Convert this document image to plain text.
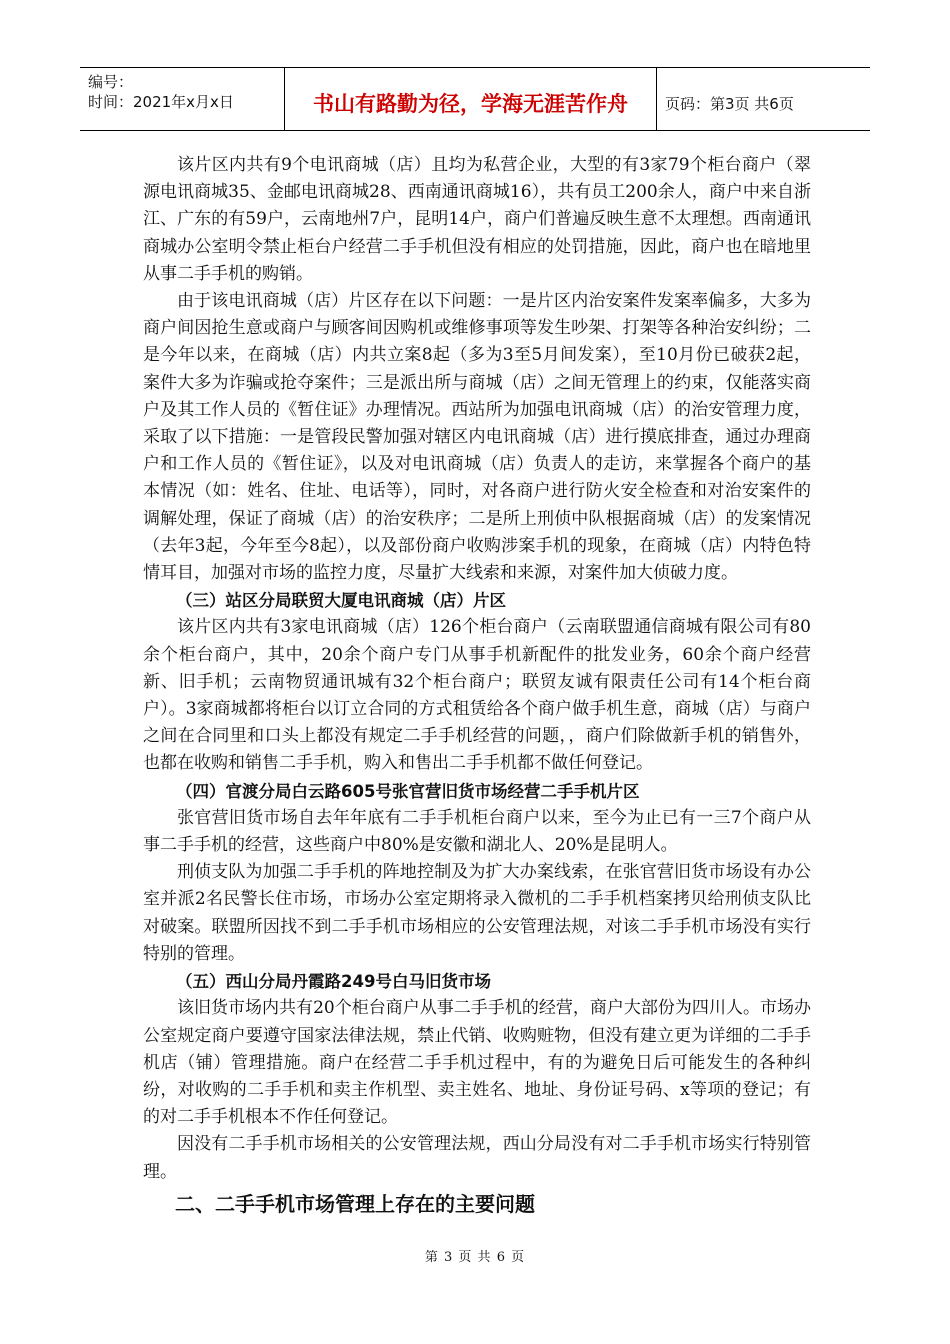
编号：
时间：2021年x月x日	书山有路勤为径，学海无涯苦作舟	页码：第3页 共6页

该片区内共有9个电讯商城（店）且均为私营企业，大型的有3家79个柜台商户（翠源电讯商城35、金邮电讯商城28、西南通讯商城16），共有员工200余人，商户中来自浙江、广东的有59户，云南地州7户，昆明14户，商户们普遍反映生意不太理想。西南通讯商城办公室明令禁止柜台户经营二手手机但没有相应的处罚措施，因此，商户也在暗地里从事二手手机的购销。

由于该电讯商城（店）片区存在以下问题：一是片区内治安案件发案率偏多，大多为商户间因抢生意或商户与顾客间因购机或维修事项等发生吵架、打架等各种治安纠纷；二是今年以来，在商城（店）内共立案8起（多为3至5月间发案），至10月份已破获2起，案件大多为诈骗或抢夺案件；三是派出所与商城（店）之间无管理上的约束，仅能落实商户及其工作人员的《暂住证》办理情况。西站所为加强电讯商城（店）的治安管理力度，采取了以下措施：一是管段民警加强对辖区内电讯商城（店）进行摸底排查，通过办理商户和工作人员的《暂住证》，以及对电讯商城（店）负责人的走访，来掌握各个商户的基本情况（如：姓名、住址、电话等），同时，对各商户进行防火安全检查和对治安案件的调解处理，保证了商城（店）的治安秩序；二是所上刑侦中队根据商城（店）的发案情况（去年3起，今年至今8起），以及部份商户收购涉案手机的现象，在商城（店）内特色特情耳目，加强对市场的监控力度，尽量扩大线索和来源，对案件加大侦破力度。

（三）站区分局联贸大厦电讯商城（店）片区

该片区内共有3家电讯商城（店）126个柜台商户（云南联盟通信商城有限公司有80余个柜台商户，其中，20余个商户专门从事手机新配件的批发业务，60余个商户经营新、旧手机；云南物贸通讯城有32个柜台商户；联贸友诚有限责任公司有14个柜台商户）。3家商城都将柜台以订立合同的方式租赁给各个商户做手机生意，商城（店）与商户之间在合同里和口头上都没有规定二手手机经营的问题，，商户们除做新手机的销售外，也都在收购和销售二手手机，购入和售出二手手机都不做任何登记。

（四）官渡分局白云路605号张官营旧货市场经营二手手机片区

张官营旧货市场自去年年底有二手手机柜台商户以来，至今为止已有一三7个商户从事二手手机的经营，这些商户中80%是安徽和湖北人、20%是昆明人。

刑侦支队为加强二手手机的阵地控制及为扩大办案线索，在张官营旧货市场设有办公室并派2名民警长住市场，市场办公室定期将录入微机的二手手机档案拷贝给刑侦支队比对破案。联盟所因找不到二手手机市场相应的公安管理法规，对该二手手机市场没有实行特别的管理。

（五）西山分局丹霞路249号白马旧货市场

该旧货市场内共有20个柜台商户从事二手手机的经营，商户大部份为四川人。市场办公室规定商户要遵守国家法律法规，禁止代销、收购赃物，但没有建立更为详细的二手手机店（铺）管理措施。商户在经营二手手机过程中，有的为避免日后可能发生的各种纠纷，对收购的二手手机和卖主作机型、卖主姓名、地址、身份证号码、x等项的登记；有的对二手手机根本不作任何登记。

因没有二手手机市场相关的公安管理法规，西山分局没有对二手手机市场实行特别管理。

二、二手手机市场管理上存在的主要问题
第 3 页 共 6 页
